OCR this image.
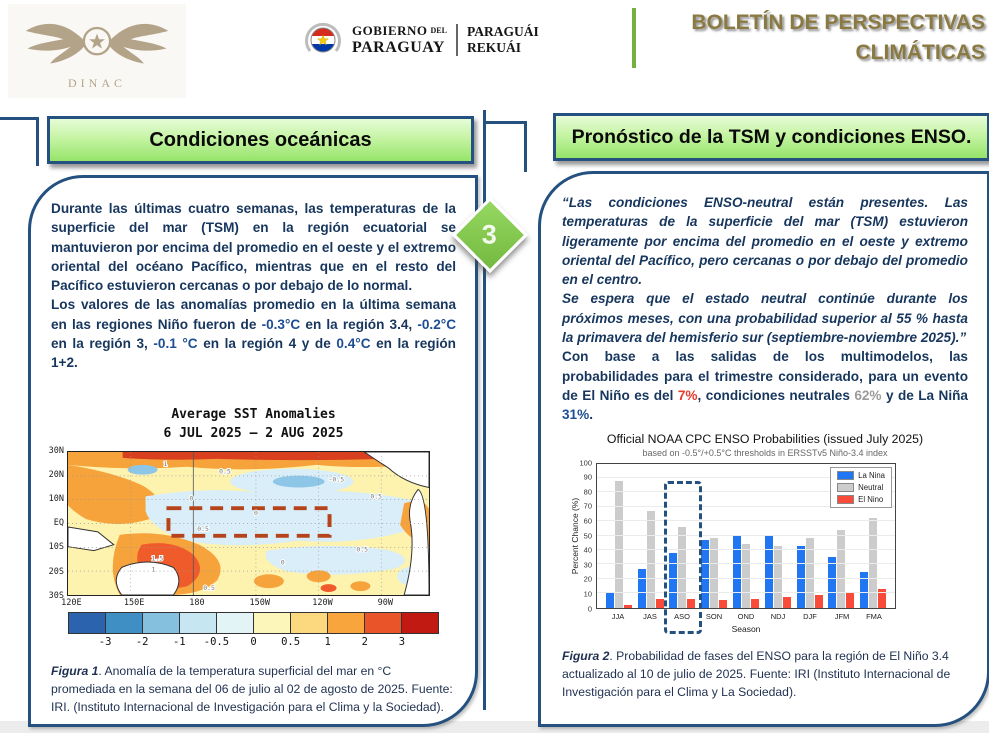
DINAC
GOBIERNO DEL
PARAGUAY
PARAGUÁI
REKUÁI
BOLETÍN DE PERSPECTIVAS
CLIMÁTICAS
3
Condiciones oceánicas	Pronóstico de la TSM y condiciones ENSO.

Durante las últimas cuatro semanas, las temperaturas de la superficie del mar (TSM) en la región ecuatorial se mantuvieron por encima del promedio en el oeste y el extremo oriental del océano Pacífico, mientras que en el resto del Pacífico estuvieron cercanas o por debajo de lo normal.

Los valores de las anomalías promedio en la última semana en las regiones Niño fueron de -0.3°C en la región 3.4, -0.2°C en la región 3, -0.1 °C en la región 4 y de 0.4°C en la región 1+2.

Average SST Anomalies
6 JUL 2025 – 2 AUG 2025
1
0.5
-0.5
0	0.5
0
0.5
1.5
1
0
0.5
0.5
30N
20N
10N
EQ
10S
20S
30S
120E	150E	180	150W	120W	90W
-3 -2 -1 -0.5 0 0.5 1	2	3

Figura 1. Anomalía de la temperatura superficial del mar en °C promediada en la semana del 06 de julio al 02 de agosto de 2025. Fuente: IRI. (Instituto Internacional de Investigación para el Clima y la Sociedad).

“Las condiciones ENSO-neutral están presentes. Las temperaturas de la superficie del mar (TSM) estuvieron ligeramente por encima del promedio en el oeste y extremo oriental del Pacífico, pero cercanas o por debajo del promedio en el centro.

Se espera que el estado neutral continúe durante los próximos meses, con una probabilidad superior al 55 % hasta la primavera del hemisferio sur (septiembre-noviembre 2025).”

Con base a las salidas de los multimodelos, las probabilidades para el trimestre considerado, para un evento de El Niño es del 7%, condiciones neutrales 62% y de La Niña 31%.

Official NOAA CPC ENSO Probabilities (issued July 2025)
based on -0.5°/+0.5°C thresholds in ERSSTv5 Niño-3.4 index
Percent Chance (%)
0
10
20
30
40
50
60
70
80
90
100
La Nina
Neutral
El Nino
JJA	JAS	ASO	SON	OND	NDJ	DJF	JFM	FMA
Season

Figura 2. Probabilidad de fases del ENSO para la región de El Niño 3.4 actualizado al 10 de julio de 2025. Fuente: IRI (Instituto Internacional de Investigación para el Clima y La Sociedad).
